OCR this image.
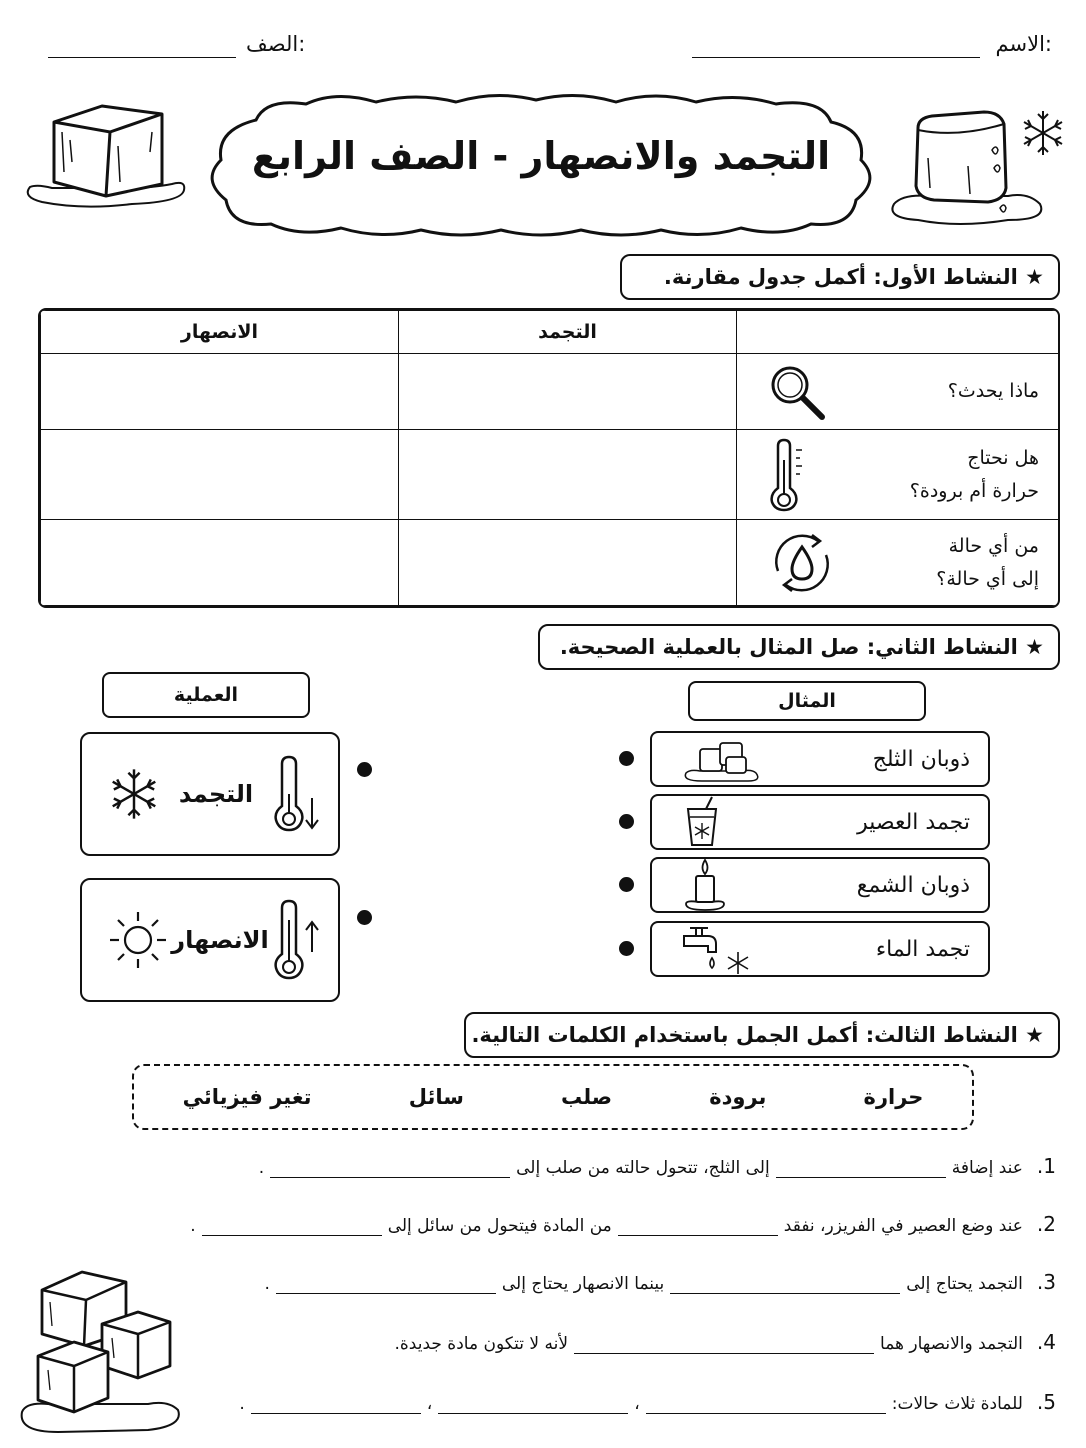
الاسم:
الصف:
التجمد والانصهار - الصف الرابع
★ النشاط الأول: أكمل جدول مقارنة.
	التجمد	الانصهار

ماذا يحدث؟		

هل نحتاج
حرارة أم برودة؟		

من أي حالة
إلى أي حالة؟		

★ النشاط الثاني: صل المثال بالعملية الصحيحة.
العملية	المثال
التجمد
الانصهار
ذوبان الثلج
تجمد العصير
ذوبان الشمع
تجمد الماء
★ النشاط الثالث: أكمل الجمل باستخدام الكلمات التالية.
حرارة
برودة
صلب
سائل
تغير فيزيائي
1.
عند إضافة
إلى الثلج، تتحول حالته من صلب إلى
.
2.
عند وضع العصير في الفريزر، نفقد
من المادة فيتحول من سائل إلى
.
3.
التجمد يحتاج إلى
بينما الانصهار يحتاج إلى
.
4.
التجمد والانصهار هما
لأنه لا تتكون مادة جديدة.
5.
للمادة ثلاث حالات:
،
،
.
